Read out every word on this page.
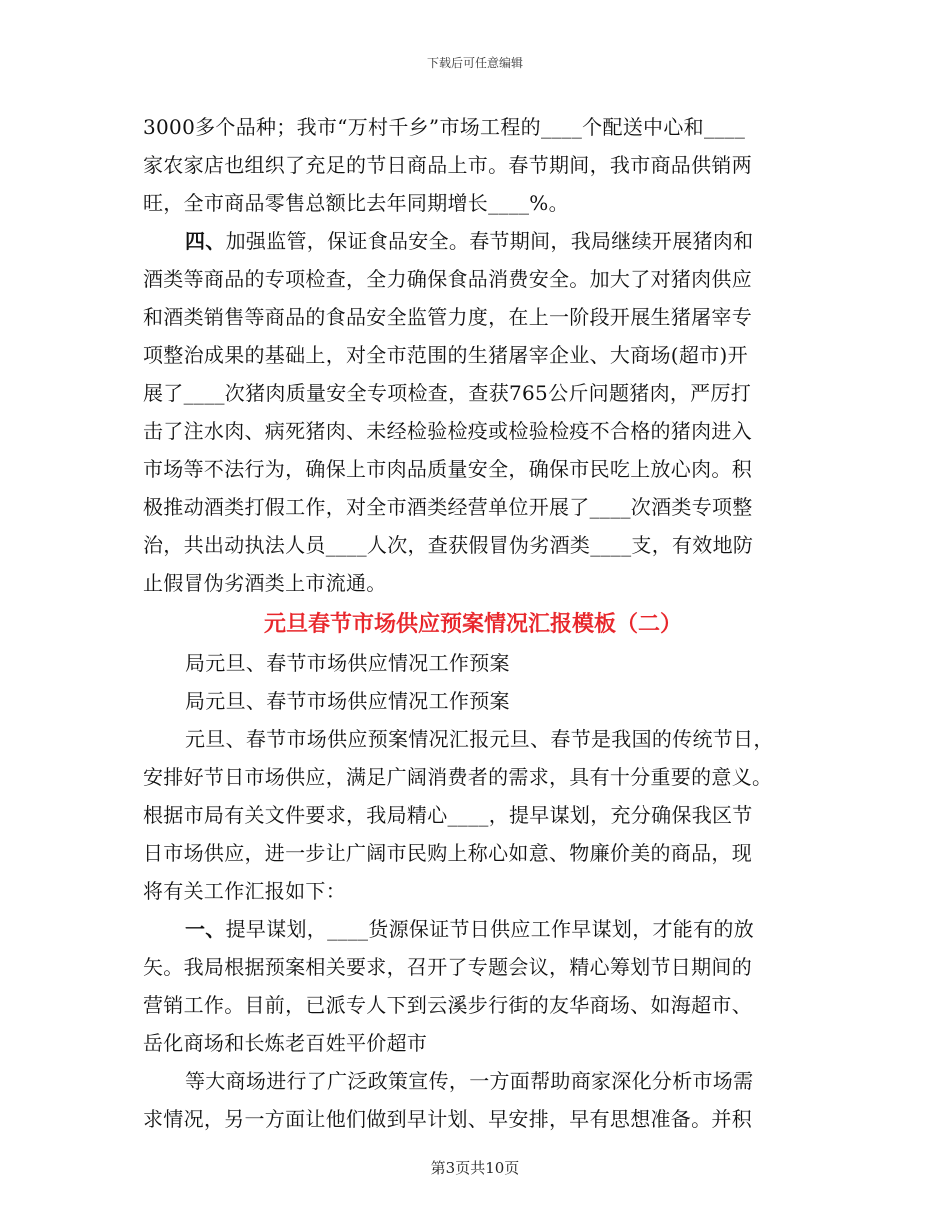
下载后可任意编辑
3000多个品种；我市“万村千乡”市场工程的____个配送中心和____
家农家店也组织了充足的节日商品上市。春节期间，我市商品供销两
旺，全市商品零售总额比去年同期增长____%。
四、加强监管，保证食品安全。春节期间，我局继续开展猪肉和
酒类等商品的专项检查，全力确保食品消费安全。加大了对猪肉供应
和酒类销售等商品的食品安全监管力度，在上一阶段开展生猪屠宰专
项整治成果的基础上，对全市范围的生猪屠宰企业、大商场(超市)开
展了____次猪肉质量安全专项检查，查获765公斤问题猪肉，严厉打
击了注水肉、病死猪肉、未经检验检疫或检验检疫不合格的猪肉进入
市场等不法行为，确保上市肉品质量安全，确保市民吃上放心肉。积
极推动酒类打假工作，对全市酒类经营单位开展了____次酒类专项整
治，共出动执法人员____人次，查获假冒伪劣酒类____支，有效地防
止假冒伪劣酒类上市流通。
元旦春节市场供应预案情况汇报模板（二）
局元旦、春节市场供应情况工作预案
局元旦、春节市场供应情况工作预案
元旦、春节市场供应预案情况汇报元旦、春节是我国的传统节日，
安排好节日市场供应，满足广阔消费者的需求，具有十分重要的意义。
根据市局有关文件要求，我局精心____，提早谋划，充分确保我区节
日市场供应，进一步让广阔市民购上称心如意、物廉价美的商品，现
将有关工作汇报如下：
一、提早谋划，____货源保证节日供应工作早谋划，才能有的放
矢。我局根据预案相关要求，召开了专题会议，精心筹划节日期间的
营销工作。目前，已派专人下到云溪步行街的友华商场、如海超市、
岳化商场和长炼老百姓平价超市
等大商场进行了广泛政策宣传，一方面帮助商家深化分析市场需
求情况，另一方面让他们做到早计划、早安排，早有思想准备。并积
第3页共10页
